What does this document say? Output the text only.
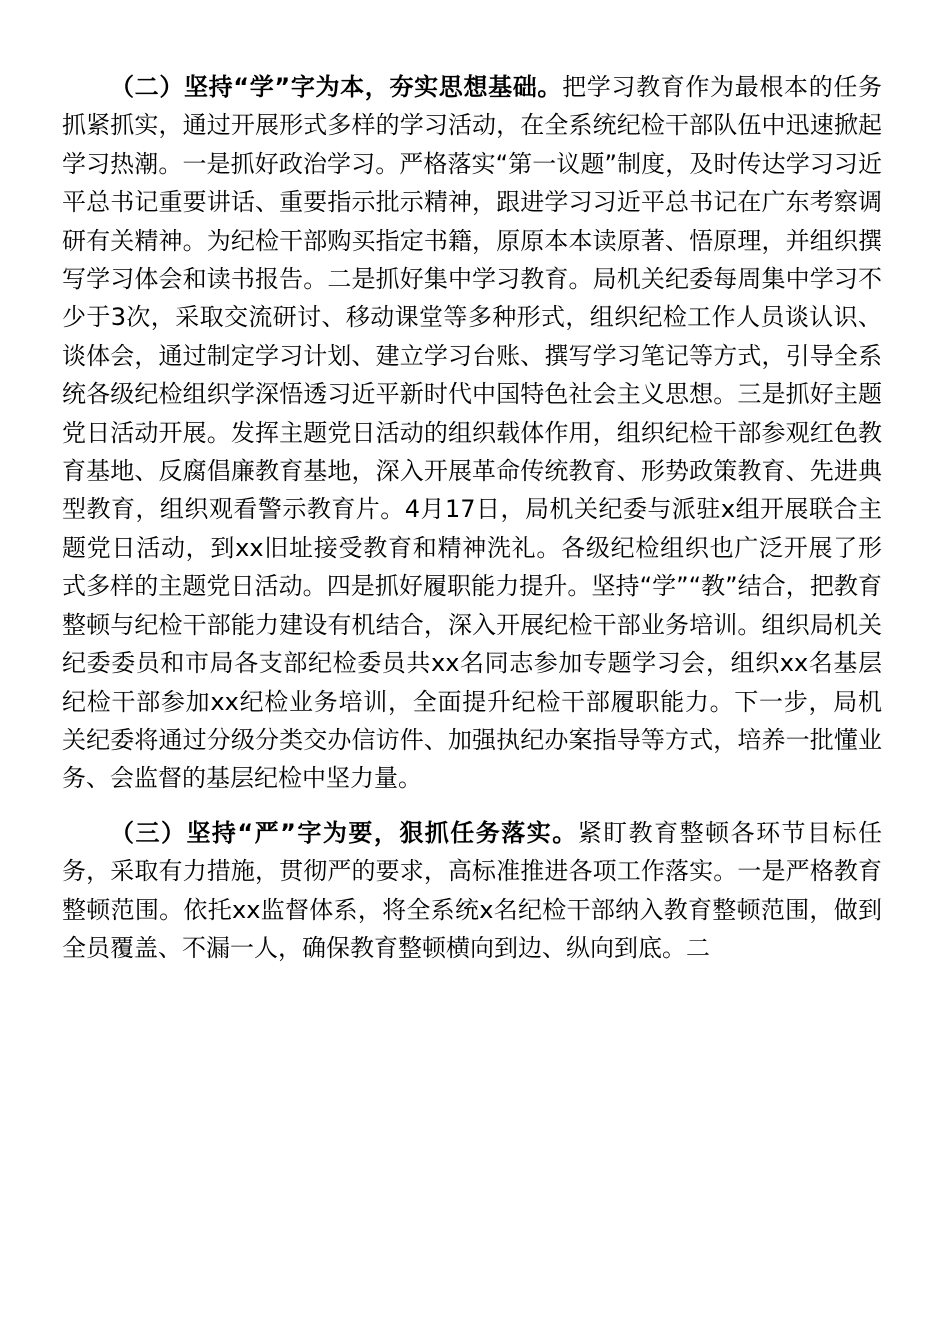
（二）坚持“学”字为本，夯实思想基础。把学习教育作为最根本的任务抓紧抓实，通过开展形式多样的学习活动，在全系统纪检干部队伍中迅速掀起学习热潮。一是抓好政治学习。严格落实“第一议题”制度，及时传达学习习近平总书记重要讲话、重要指示批示精神，跟进学习习近平总书记在广东考察调研有关精神。为纪检干部购买指定书籍，原原本本读原著、悟原理，并组织撰写学习体会和读书报告。二是抓好集中学习教育。局机关纪委每周集中学习不少于3次，采取交流研讨、移动课堂等多种形式，组织纪检工作人员谈认识、谈体会，通过制定学习计划、建立学习台账、撰写学习笔记等方式，引导全系统各级纪检组织学深悟透习近平新时代中国特色社会主义思想。三是抓好主题党日活动开展。发挥主题党日活动的组织载体作用，组织纪检干部参观红色教育基地、反腐倡廉教育基地，深入开展革命传统教育、形势政策教育、先进典型教育，组织观看警示教育片。4月17日，局机关纪委与派驻x组开展联合主题党日活动，到xx旧址接受教育和精神洗礼。各级纪检组织也广泛开展了形式多样的主题党日活动。四是抓好履职能力提升。坚持“学”“教”结合，把教育整顿与纪检干部能力建设有机结合，深入开展纪检干部业务培训。组织局机关纪委委员和市局各支部纪检委员共xx名同志参加专题学习会，组织xx名基层纪检干部参加xx纪检业务培训，全面提升纪检干部履职能力。下一步，局机关纪委将通过分级分类交办信访件、加强执纪办案指导等方式，培养一批懂业务、会监督的基层纪检中坚力量。

（三）坚持“严”字为要，狠抓任务落实。紧盯教育整顿各环节目标任务，采取有力措施，贯彻严的要求，高标准推进各项工作落实。一是严格教育整顿范围。依托xx监督体系，将全系统x名纪检干部纳入教育整顿范围，做到全员覆盖、不漏一人，确保教育整顿横向到边、纵向到底。二
